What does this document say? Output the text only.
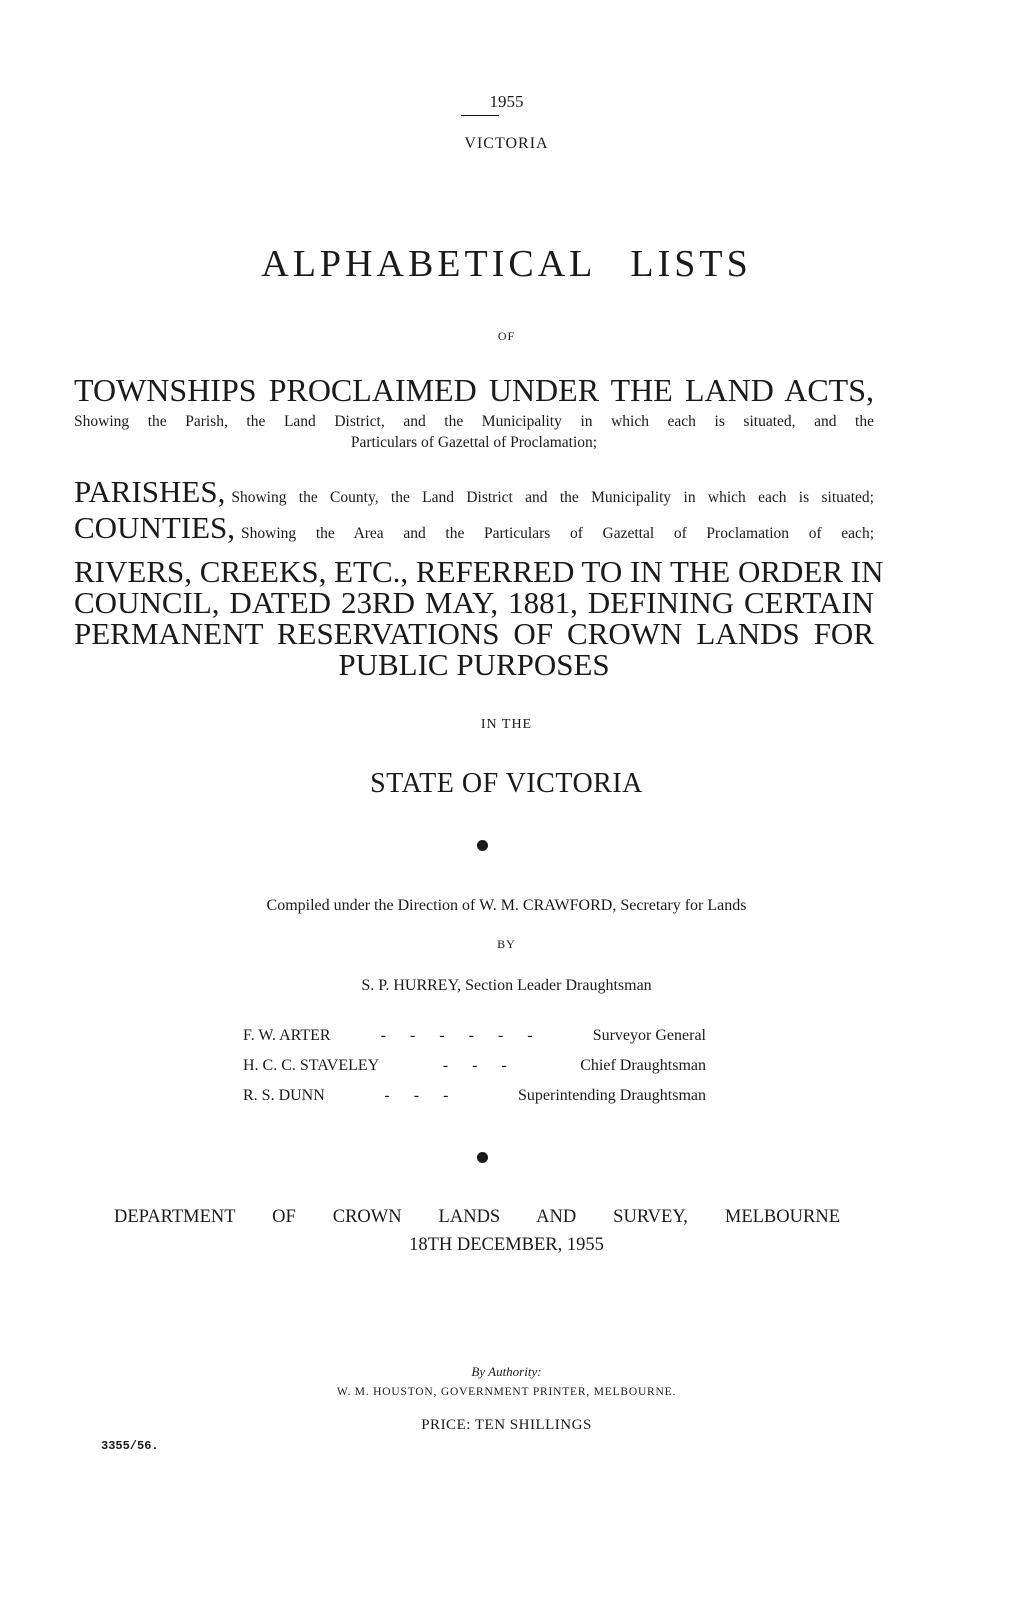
1955
VICTORIA
ALPHABETICAL LISTS
OF
TOWNSHIPS PROCLAIMED UNDER THE LAND ACTS,
Showing the Parish, the Land District, and the Municipality in which each is situated, and the
Particulars of Gazettal of Proclamation;
PARISHES, Showing the County, the Land District and the Municipality in which each is situated;
COUNTIES, Showing the Area and the Particulars of Gazettal of Proclamation of each;
RIVERS, CREEKS, ETC., REFERRED TO IN THE ORDER IN
COUNCIL, DATED 23RD MAY, 1881, DEFINING CERTAIN
PERMANENT RESERVATIONS OF CROWN LANDS FOR
PUBLIC PURPOSES
IN THE
STATE OF VICTORIA
Compiled under the Direction of W. M. CRAWFORD, Secretary for Lands
BY
S. P. HURREY, Section Leader Draughtsman
F. W. ARTER	- - - - - -	Surveyor General
H. C. C. STAVELEY	- - -	Chief Draughtsman
R. S. DUNN	- - -	Superintending Draughtsman
DEPARTMENT OF CROWN LANDS AND SURVEY, MELBOURNE
18TH DECEMBER, 1955
By Authority:
W. M. HOUSTON, GOVERNMENT PRINTER, MELBOURNE.
PRICE: TEN SHILLINGS
3355/56.
